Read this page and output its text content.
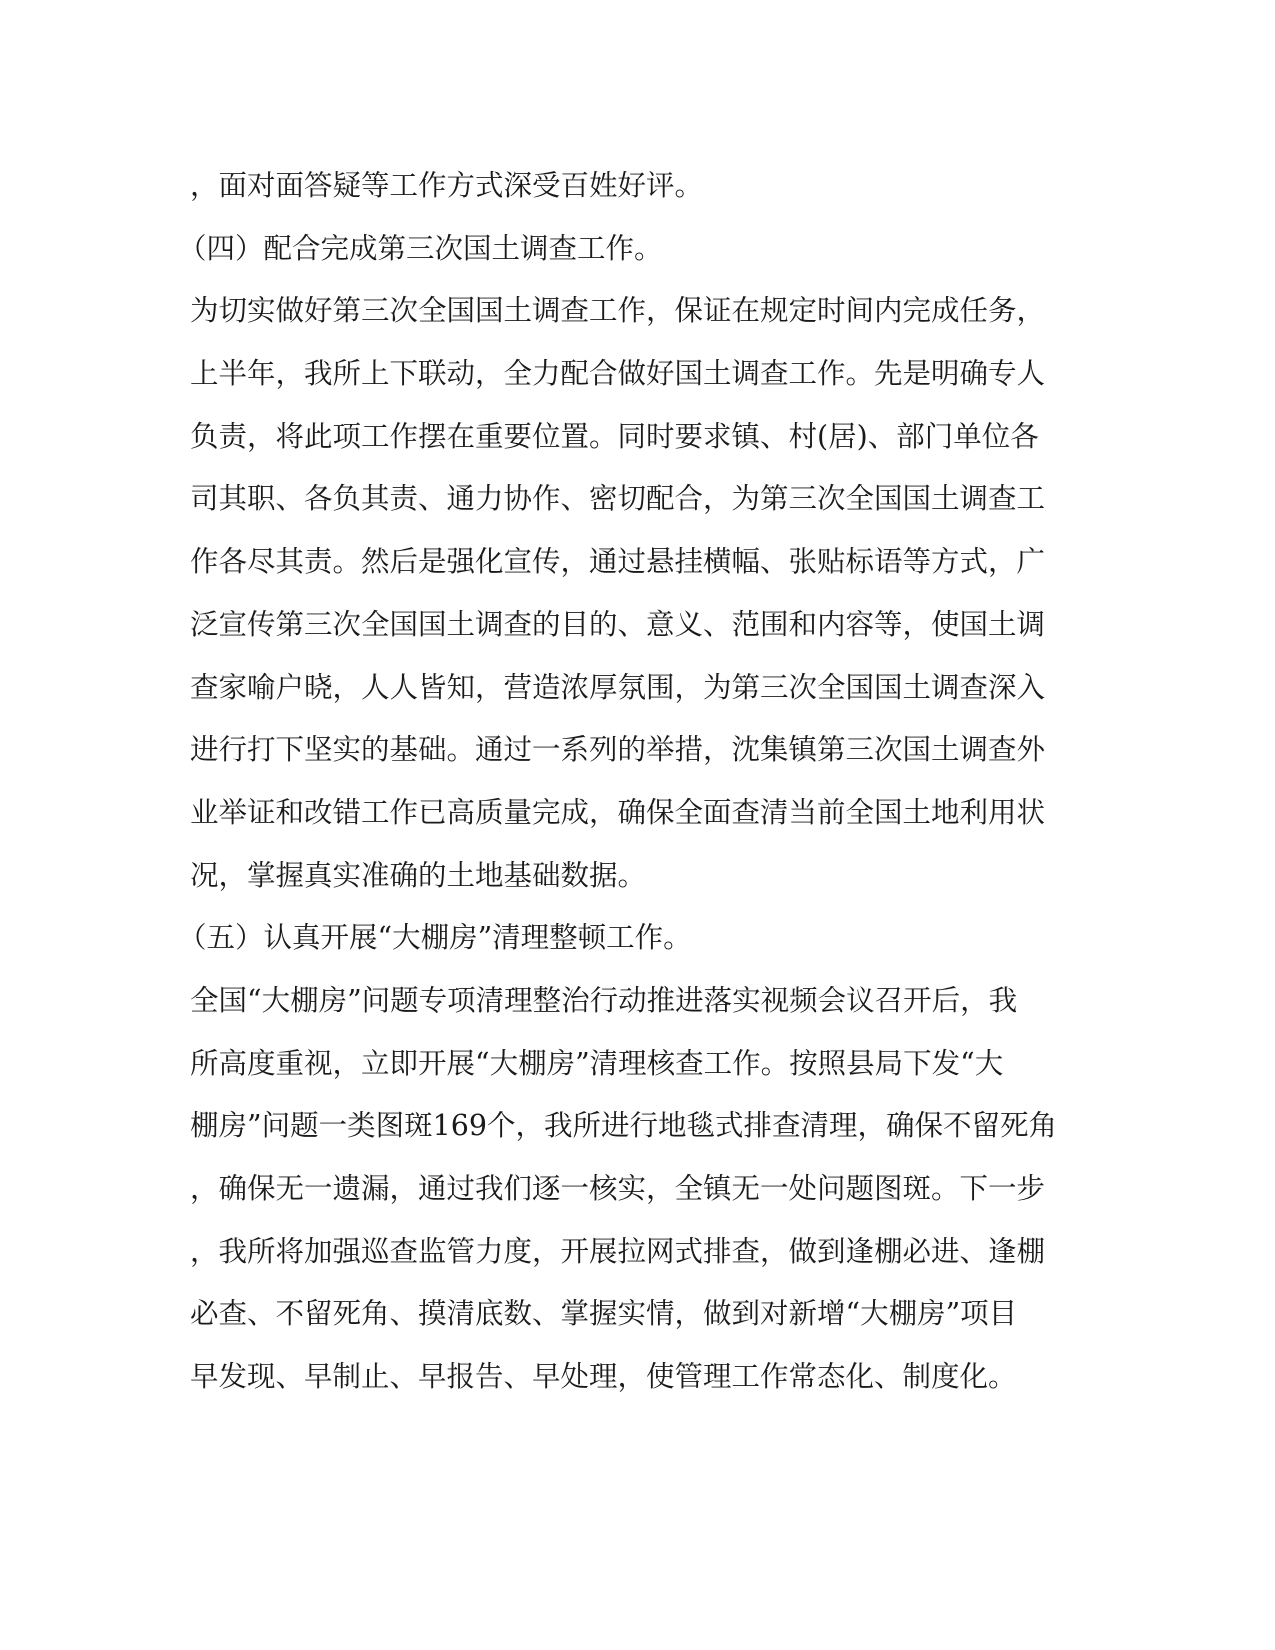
，面对面答疑等工作方式深受百姓好评。
（四）配合完成第三次国土调查工作。
为切实做好第三次全国国土调查工作，保证在规定时间内完成任务，
上半年，我所上下联动，全力配合做好国土调查工作。先是明确专人
负责，将此项工作摆在重要位置。同时要求镇、村(居)、部门单位各
司其职、各负其责、通力协作、密切配合，为第三次全国国土调查工
作各尽其责。然后是强化宣传，通过悬挂横幅、张贴标语等方式，广
泛宣传第三次全国国土调查的目的、意义、范围和内容等，使国土调
查家喻户晓，人人皆知，营造浓厚氛围，为第三次全国国土调查深入
进行打下坚实的基础。通过一系列的举措，沈集镇第三次国土调查外
业举证和改错工作已高质量完成，确保全面查清当前全国土地利用状
况，掌握真实准确的土地基础数据。
（五）认真开展“大棚房”清理整顿工作。
全国“大棚房”问题专项清理整治行动推进落实视频会议召开后，我
所高度重视，立即开展“大棚房”清理核查工作。按照县局下发“大
棚房”问题一类图斑169个，我所进行地毯式排查清理，确保不留死角
，确保无一遗漏，通过我们逐一核实，全镇无一处问题图斑。下一步
，我所将加强巡查监管力度，开展拉网式排查，做到逢棚必进、逢棚
必查、不留死角、摸清底数、掌握实情，做到对新增“大棚房”项目
早发现、早制止、早报告、早处理，使管理工作常态化、制度化。
